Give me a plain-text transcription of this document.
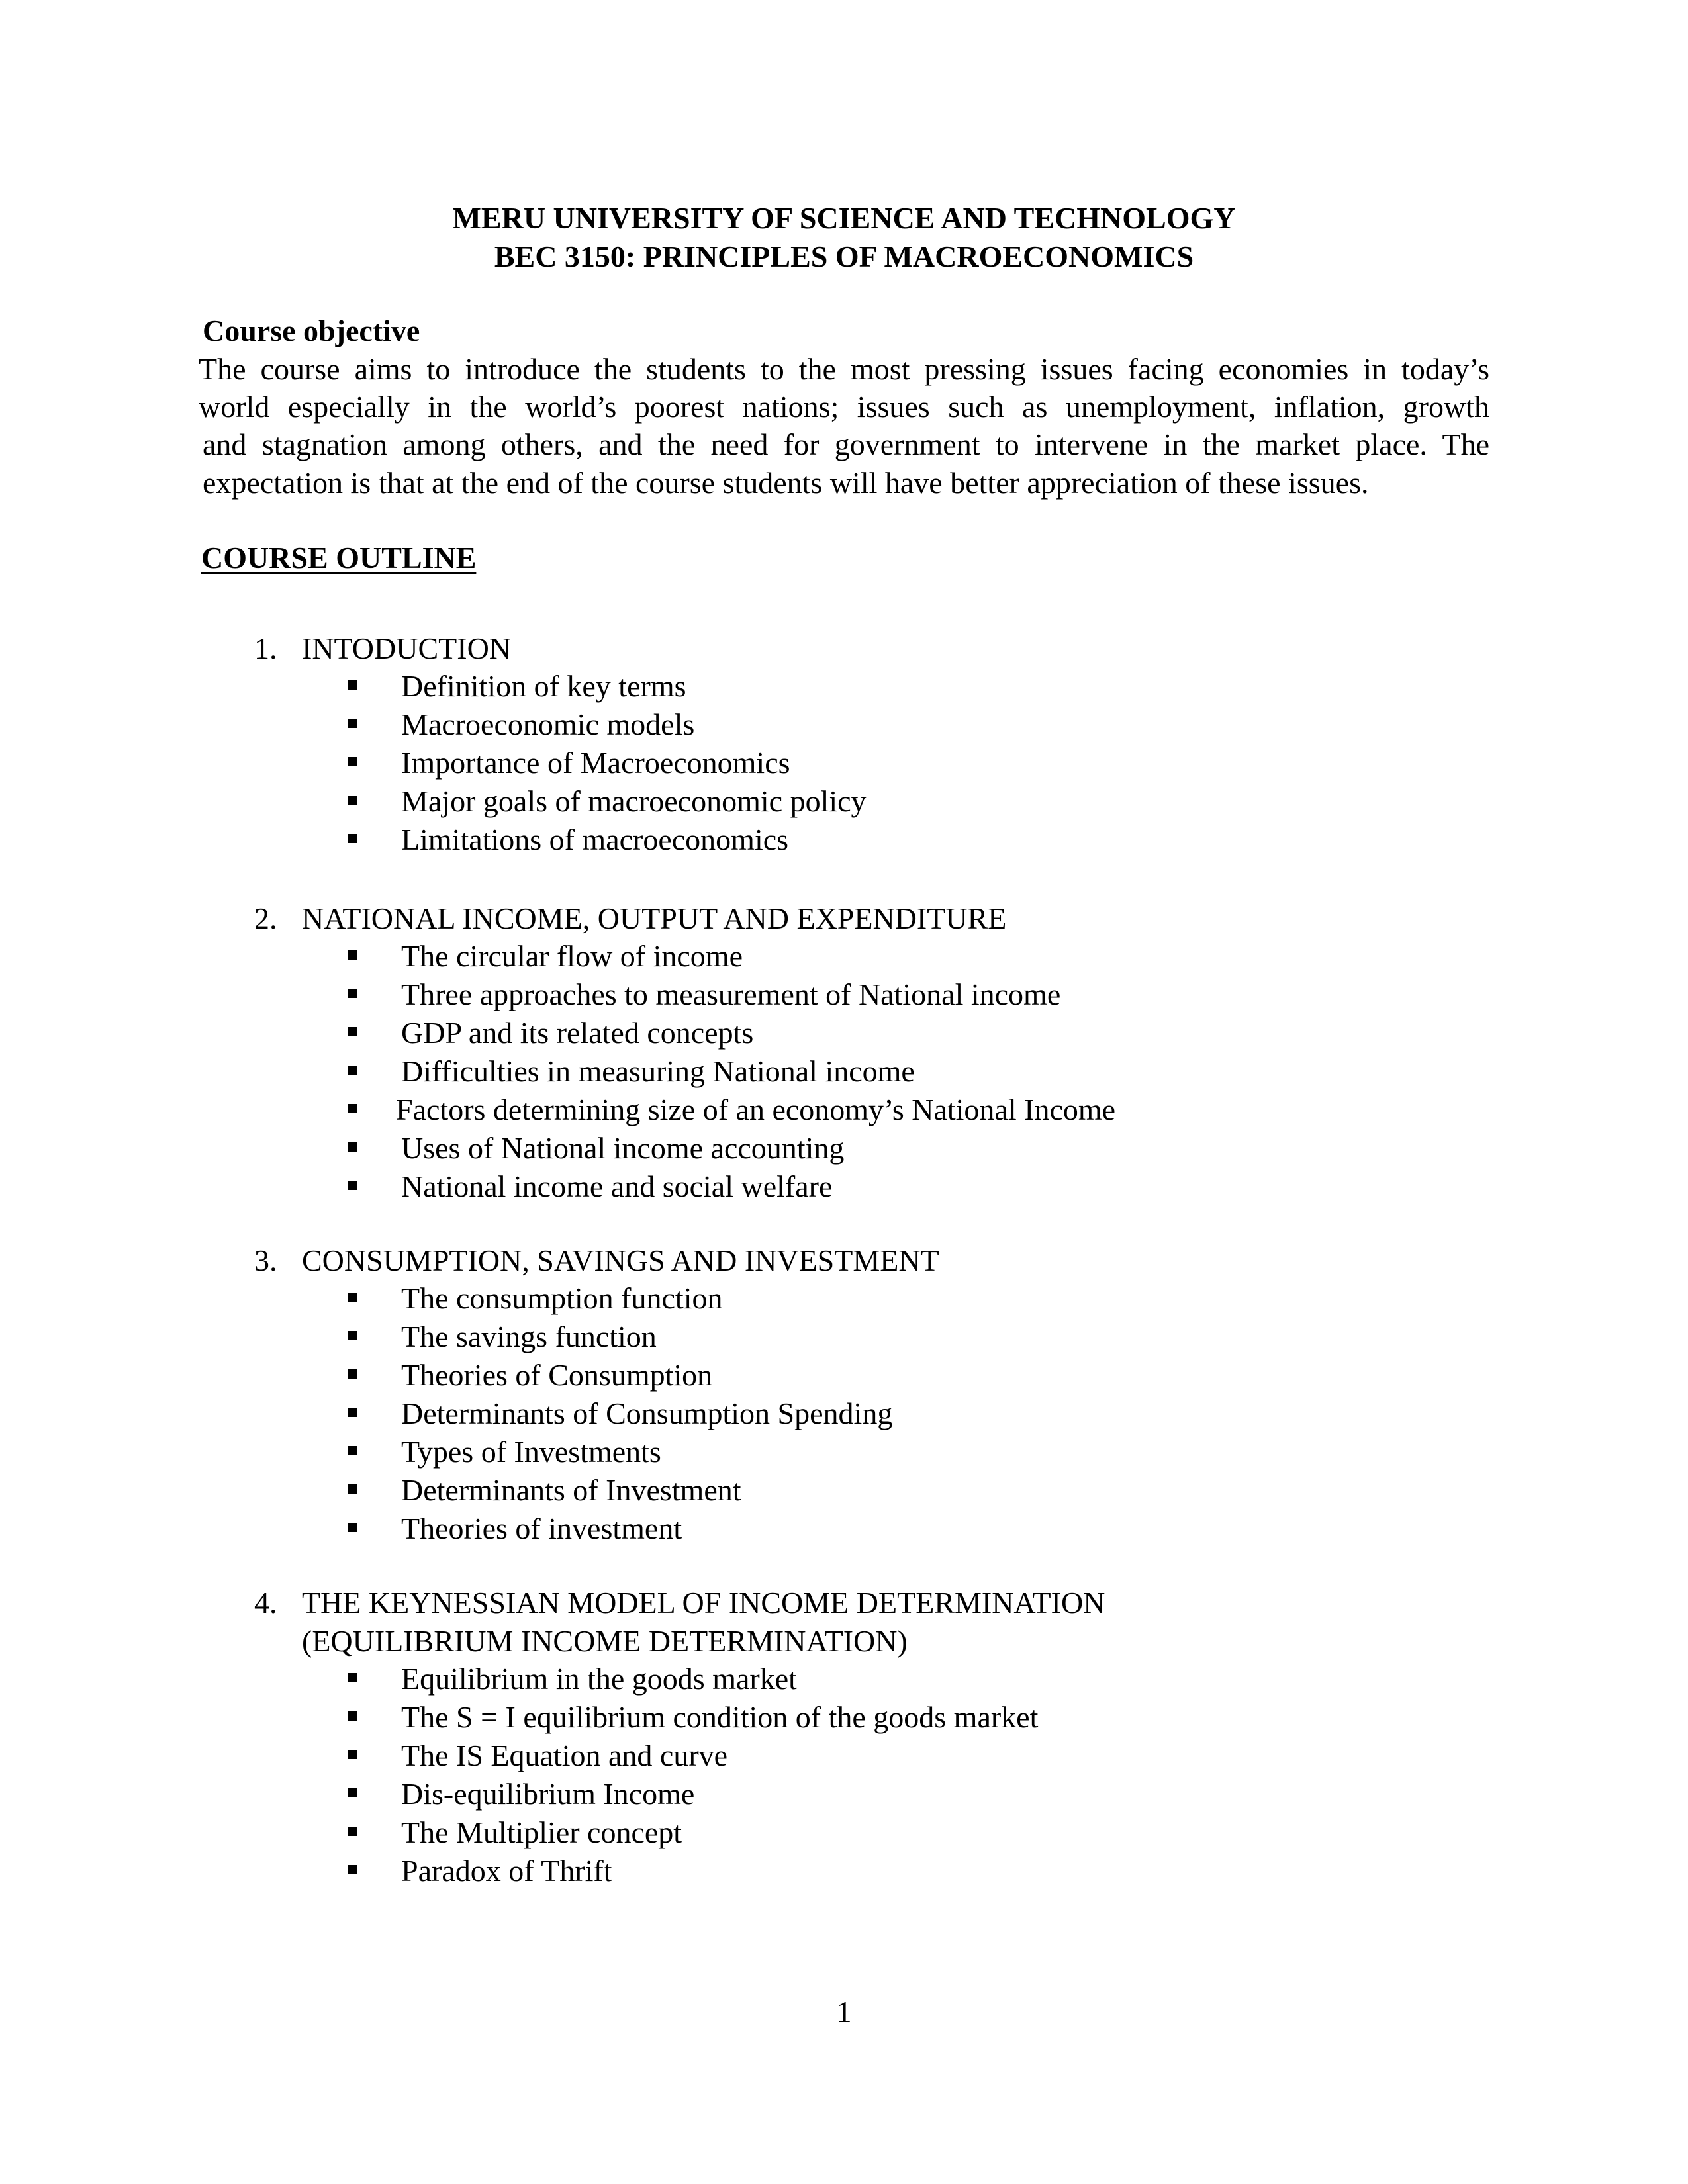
MERU UNIVERSITY OF SCIENCE AND TECHNOLOGY
BEC 3150: PRINCIPLES OF MACROECONOMICS
Course objective
The course aims to introduce the students to the most pressing issues facing economies in today’s
world especially in the world’s poorest nations; issues such as unemployment, inflation, growth
and stagnation among others, and the need for government to intervene in the market place. The
expectation is that at the end of the course students will have better appreciation of these issues.
COURSE OUTLINE
1. INTODUCTION
Definition of key terms
Macroeconomic models
Importance of Macroeconomics
Major goals of macroeconomic policy
Limitations of macroeconomics
2. NATIONAL INCOME, OUTPUT AND EXPENDITURE
The circular flow of income
Three approaches to measurement of National income
GDP and its related concepts
Difficulties in measuring National income
Factors determining size of an economy’s National Income
Uses of National income accounting
National income and social welfare
3. CONSUMPTION, SAVINGS AND INVESTMENT
The consumption function
The savings function
Theories of Consumption
Determinants of Consumption Spending
Types of Investments
Determinants of Investment
Theories of investment
4. THE KEYNESSIAN MODEL OF INCOME DETERMINATION
(EQUILIBRIUM INCOME DETERMINATION)
Equilibrium in the goods market
The S = I equilibrium condition of the goods market
The IS Equation and curve
Dis-equilibrium Income
The Multiplier concept
Paradox of Thrift
1
